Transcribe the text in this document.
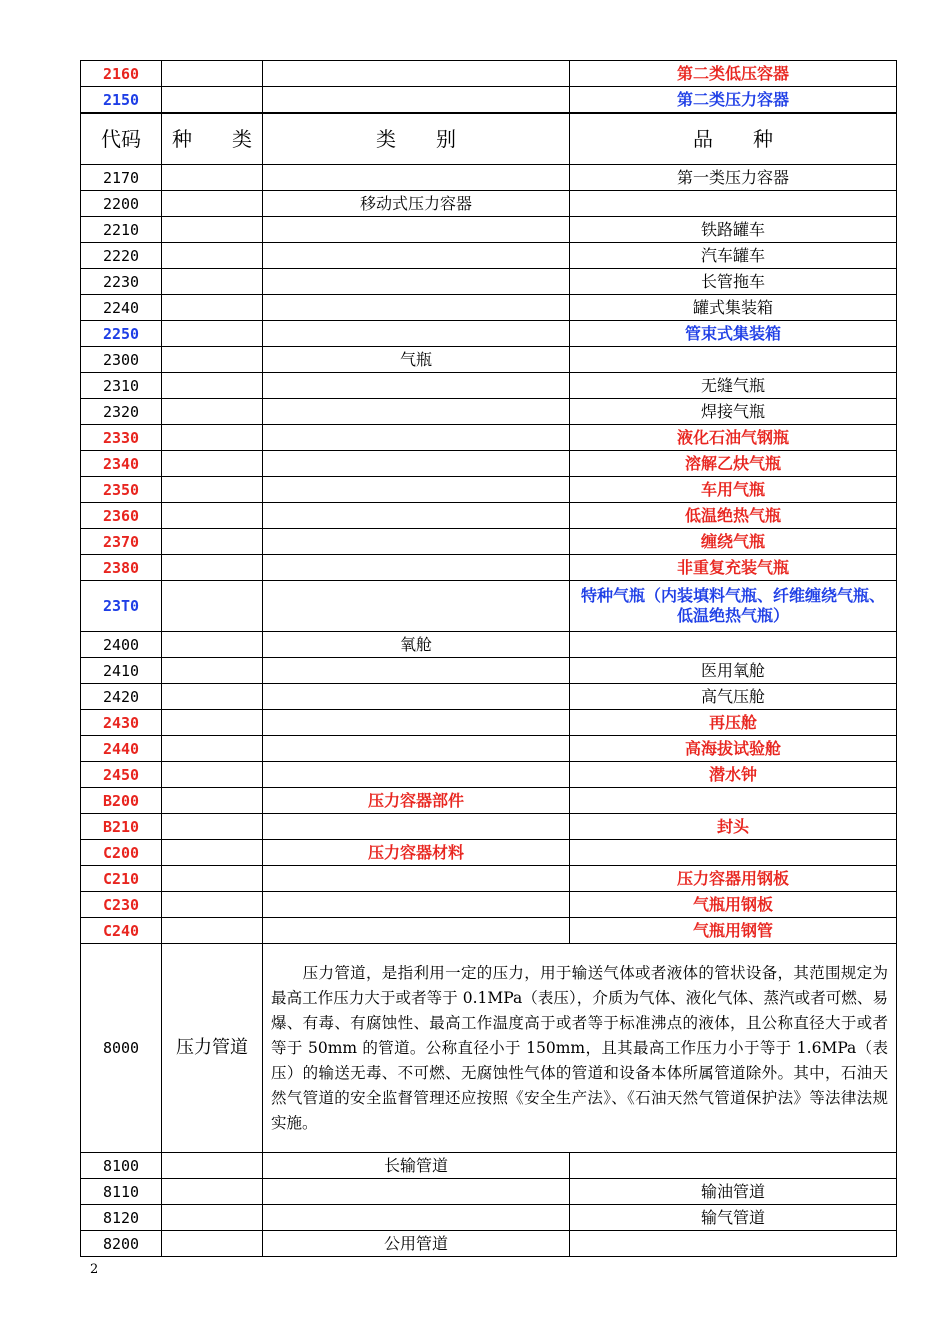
2160			第二类低压容器
2150			第二类压力容器
代码	种　　类	类　　别	品　　种
2170			第一类压力容器
2200		移动式压力容器	
2210			铁路罐车
2220			汽车罐车
2230			长管拖车
2240			罐式集装箱
2250			管束式集装箱
2300		气瓶	
2310			无缝气瓶
2320			焊接气瓶
2330			液化石油气钢瓶
2340			溶解乙炔气瓶
2350			车用气瓶
2360			低温绝热气瓶
2370			缠绕气瓶
2380			非重复充装气瓶
23T0			特种气瓶（内装填料气瓶、纤维缠绕气瓶、低温绝热气瓶）
2400		氧舱	
2410			医用氧舱
2420			高气压舱
2430			再压舱
2440			高海拔试验舱
2450			潜水钟
B200		压力容器部件	
B210			封头
C200		压力容器材料	
C210			压力容器用钢板
C230			气瓶用钢板
C240			气瓶用钢管
8000	压力管道	　　压力管道，是指利用一定的压力，用于输送气体或者液体的管状设备，其范围规定为最高工作压力大于或者等于 0.1MPa（表压），介质为气体、液化气体、蒸汽或者可燃、易爆、有毒、有腐蚀性、最高工作温度高于或者等于标准沸点的液体，且公称直径大于或者等于 50mm 的管道。公称直径小于 150mm，且其最高工作压力小于等于 1.6MPa（表压）的输送无毒、不可燃、无腐蚀性气体的管道和设备本体所属管道除外。其中，石油天然气管道的安全监督管理还应按照《安全生产法》、《石油天然气管道保护法》等法律法规实施。	
8100		长输管道	
8110			输油管道
8120			输气管道
8200		公用管道	
2
